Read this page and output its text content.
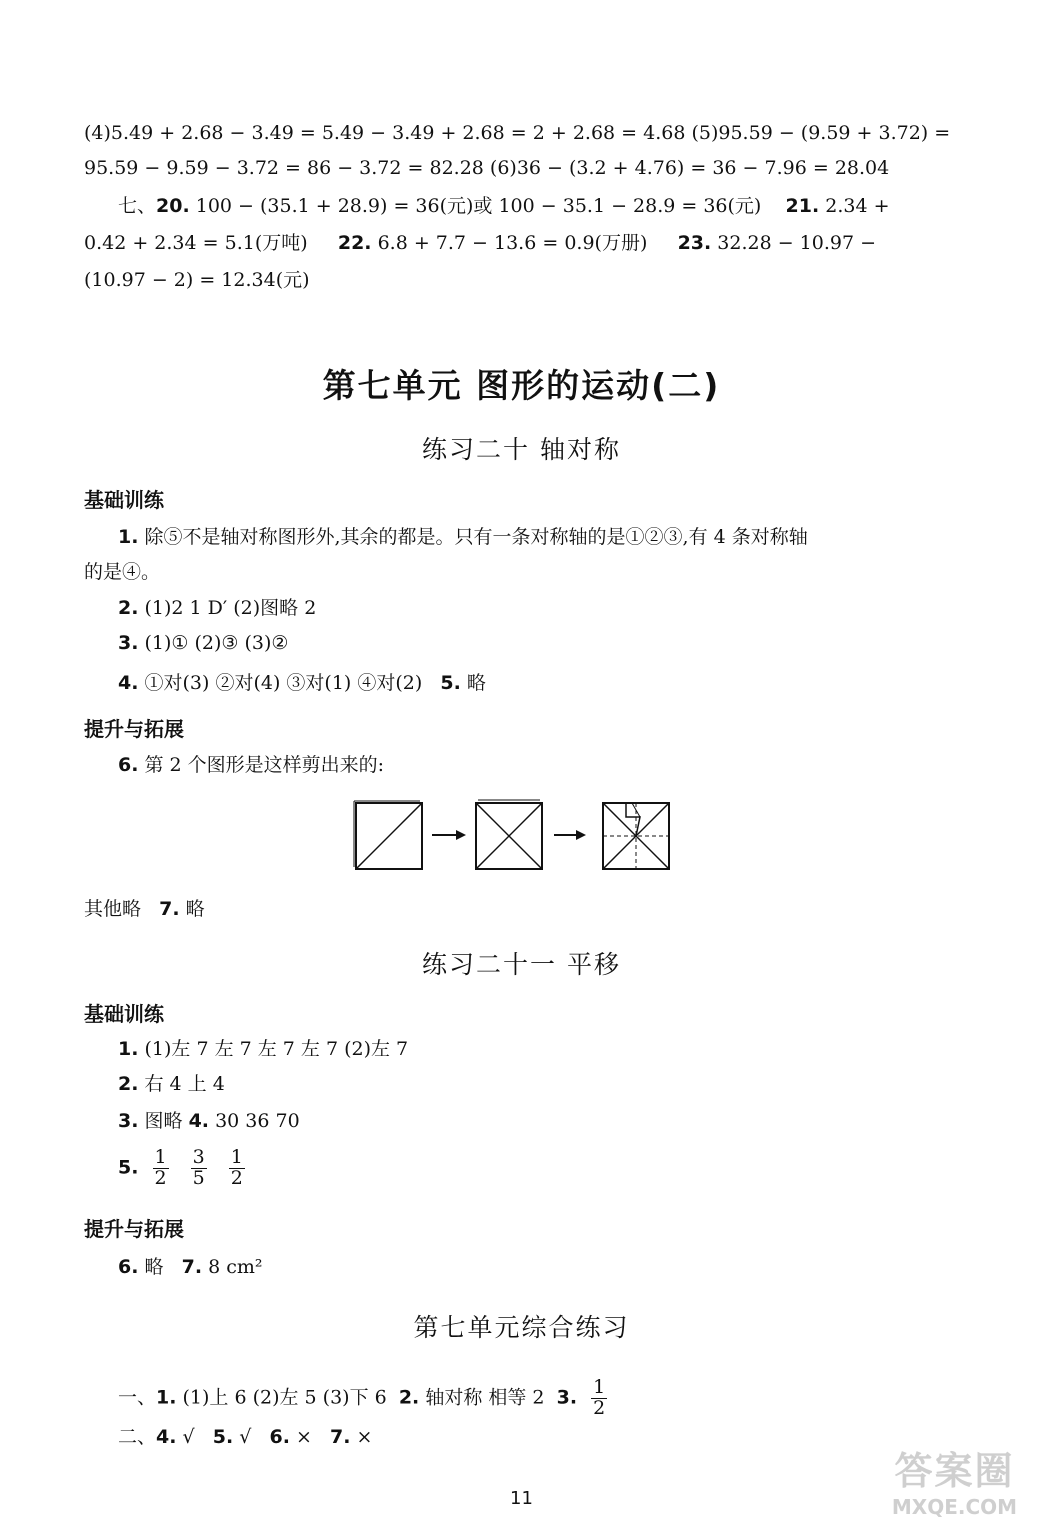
(4)5.49 + 2.68 − 3.49 = 5.49 − 3.49 + 2.68 = 2 + 2.68 = 4.68 (5)95.59 − (9.59 + 3.72) =
95.59 − 9.59 − 3.72 = 86 − 3.72 = 82.28 (6)36 − (3.2 + 4.76) = 36 − 7.96 = 28.04
七、20. 100 − (35.1 + 28.9) = 36(元)或 100 − 35.1 − 28.9 = 36(元) 21. 2.34 +
0.42 + 2.34 = 5.1(万吨) 22. 6.8 + 7.7 − 13.6 = 0.9(万册) 23. 32.28 − 10.97 −
(10.97 − 2) = 12.34(元)
第七单元 图形的运动(二)
练习二十 轴对称
基础训练
1. 除⑤不是轴对称图形外,其余的都是。只有一条对称轴的是①②③,有 4 条对称轴
的是④。
2. (1)2 1 D′ (2)图略 2
3. (1)① (2)③ (3)②
4. ①对(3) ②对(4) ③对(1) ④对(2) 5. 略
提升与拓展
6. 第 2 个图形是这样剪出来的:
其他略 7. 略
练习二十一 平移
基础训练
1. (1)左 7 左 7 左 7 左 7 (2)左 7
2. 右 4 上 4
3. 图略 4. 30 36 70
5. $\frac{1}{2}$
$\frac{3}{5}$
$\frac{1}{2}$
提升与拓展
6. 略 7. 8 cm²
第七单元综合练习
一、1. (1)上 6 (2)左 5 (3)下 6 2. 轴对称 相等 2 3. $\frac{1}{2}$
二、4. √ 5. √ 6. × 7. ×
11
答案圈
MXQE.COM
